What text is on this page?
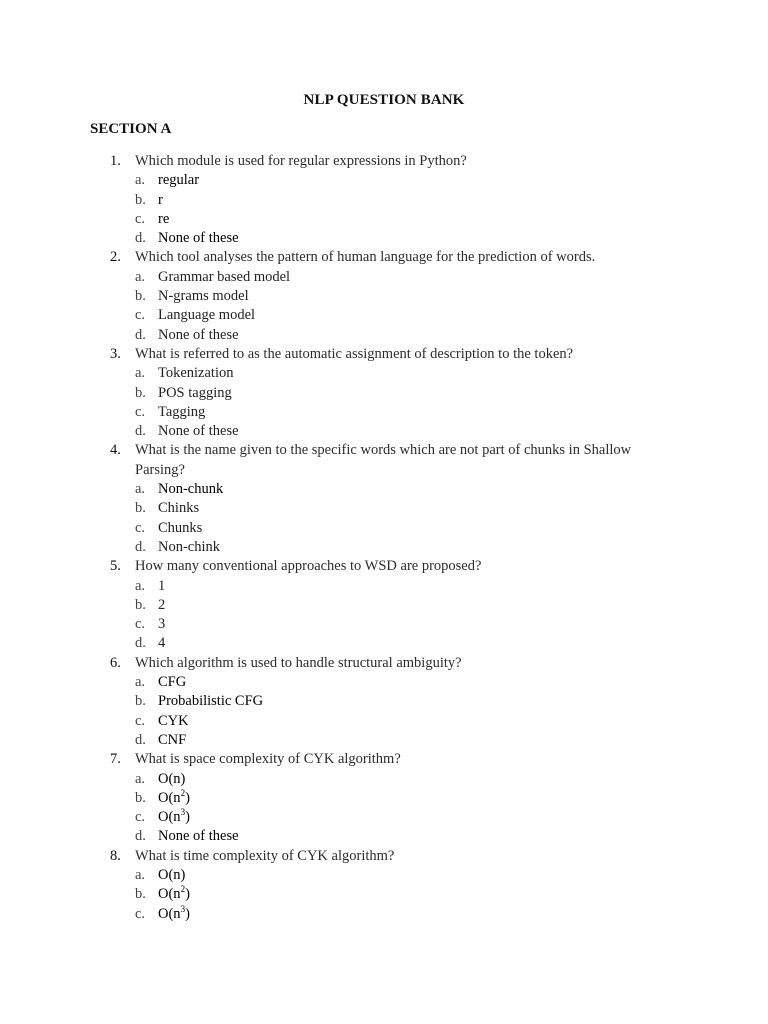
NLP QUESTION BANK
SECTION A
1. Which module is used for regular expressions in Python?
a. regular
b. r
c. re
d. None of these
2. Which tool analyses the pattern of human language for the prediction of words.
a. Grammar based model
b. N-grams model
c. Language model
d. None of these
3. What is referred to as the automatic assignment of description to the token?
a. Tokenization
b. POS tagging
c. Tagging
d. None of these
4. What is the name given to the specific words which are not part of chunks in Shallow Parsing?
a. Non-chunk
b. Chinks
c. Chunks
d. Non-chink
5. How many conventional approaches to WSD are proposed?
a. 1
b. 2
c. 3
d. 4
6. Which algorithm is used to handle structural ambiguity?
a. CFG
b. Probabilistic CFG
c. CYK
d. CNF
7. What is space complexity of CYK algorithm?
a. O(n)
b. $O(n^2)$
c. $O(n^3)$
d. None of these
8. What is time complexity of CYK algorithm?
a. O(n)
b. $O(n^2)$
c. $O(n^3)$
